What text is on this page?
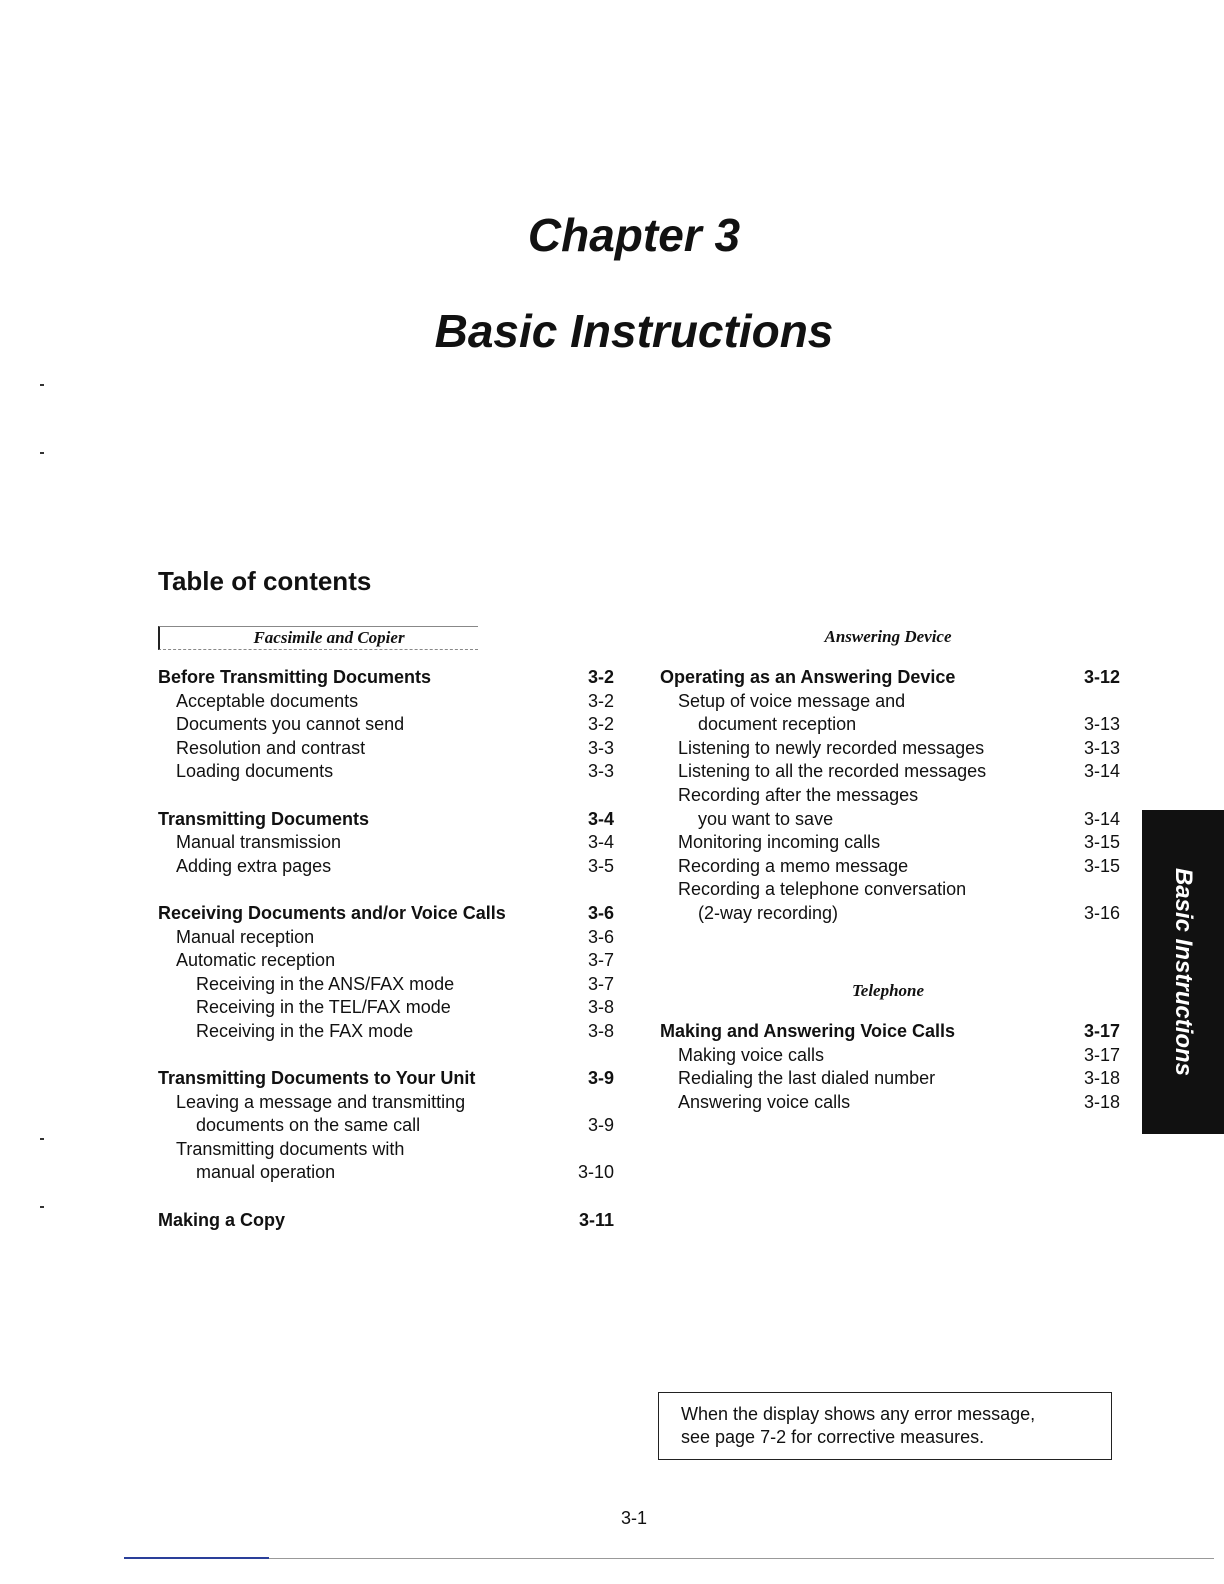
Chapter 3
Basic Instructions
Table of contents
Facsimile and Copier	Answering Device
Before Transmitting Documents	3-2
Acceptable documents	3-2
Documents you cannot send	3-2
Resolution and contrast	3-3
Loading documents	3-3
Transmitting Documents	3-4
Manual transmission	3-4
Adding extra pages	3-5
Receiving Documents and/or Voice Calls	3-6
Manual reception	3-6
Automatic reception	3-7
Receiving in the ANS/FAX mode	3-7
Receiving in the TEL/FAX mode	3-8
Receiving in the FAX mode	3-8
Transmitting Documents to Your Unit	3-9
Leaving a message and transmitting
documents on the same call	3-9
Transmitting documents with
manual operation	3-10
Making a Copy	3-11
Operating as an Answering Device	3-12
Setup of voice message and
document reception	3-13
Listening to newly recorded messages	3-13
Listening to all the recorded messages	3-14
Recording after the messages
you want to save	3-14
Monitoring incoming calls	3-15
Recording a memo message	3-15
Recording a telephone conversation
(2-way recording)	3-16
Telephone
Making and Answering Voice Calls	3-17
Making voice calls	3-17
Redialing the last dialed number	3-18
Answering voice calls	3-18
Basic Instructions
When the display shows any error message,
see page 7-2 for corrective measures.
3-1
